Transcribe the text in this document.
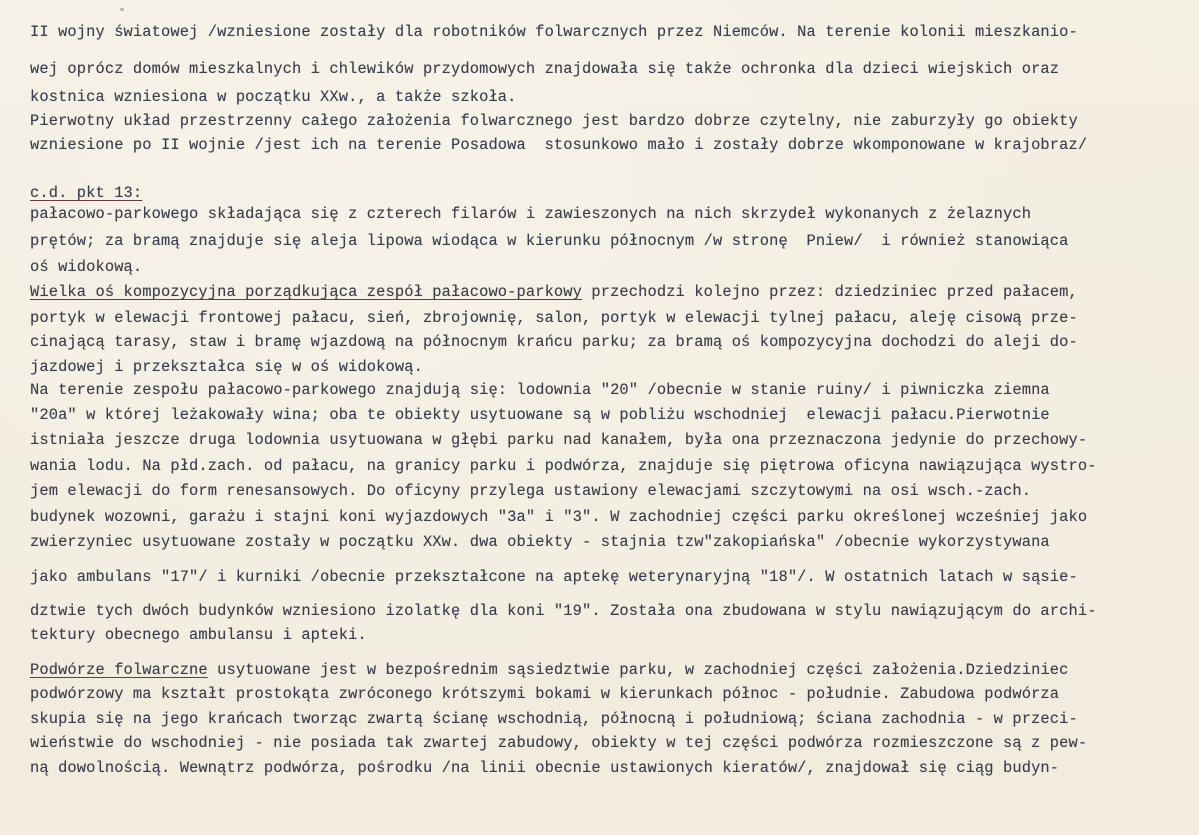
II wojny światowej /wzniesione zostały dla robotników folwarcznych przez Niemców. Na terenie kolonii mieszkanio-
wej oprócz domów mieszkalnych i chlewików przydomowych znajdowała się także ochronka dla dzieci wiejskich oraz
kostnica wzniesiona w początku XXw., a także szkoła.
Pierwotny układ przestrzenny całego założenia folwarcznego jest bardzo dobrze czytelny, nie zaburzyły go obiekty
wzniesione po II wojnie /jest ich na terenie Posadowa  stosunkowo mało i zostały dobrze wkomponowane w krajobraz/
c.d. pkt 13:
pałacowo-parkowego składająca się z czterech filarów i zawieszonych na nich skrzydeł wykonanych z żelaznych
prętów; za bramą znajduje się aleja lipowa wiodąca w kierunku północnym /w stronę  Pniew/  i również stanowiąca
oś widokową.
Wielka oś kompozycyjna porządkująca zespół pałacowo-parkowy przechodzi kolejno przez: dziedziniec przed pałacem,
portyk w elewacji frontowej pałacu, sień, zbrojownię, salon, portyk w elewacji tylnej pałacu, aleję cisową prze-
cinającą tarasy, staw i bramę wjazdową na północnym krańcu parku; za bramą oś kompozycyjna dochodzi do aleji do-
jazdowej i przekształca się w oś widokową.
Na terenie zespołu pałacowo-parkowego znajdują się: lodownia "20" /obecnie w stanie ruiny/ i piwniczka ziemna
"20a" w której leżakowały wina; oba te obiekty usytuowane są w pobliżu wschodniej  elewacji pałacu.Pierwotnie
istniała jeszcze druga lodownia usytuowana w głębi parku nad kanałem, była ona przeznaczona jedynie do przechowy-
wania lodu. Na płd.zach. od pałacu, na granicy parku i podwórza, znajduje się piętrowa oficyna nawiązująca wystro-
jem elewacji do form renesansowych. Do oficyny przylega ustawiony elewacjami szczytowymi na osi wsch.-zach.
budynek wozowni, garażu i stajni koni wyjazdowych "3a" i "3". W zachodniej części parku określonej wcześniej jako
zwierzyniec usytuowane zostały w początku XXw. dwa obiekty - stajnia tzw"zakopiańska" /obecnie wykorzystywana
jako ambulans "17"/ i kurniki /obecnie przekształcone na aptekę weterynaryjną "18"/. W ostatnich latach w sąsie-
dztwie tych dwóch budynków wzniesiono izolatkę dla koni "19". Została ona zbudowana w stylu nawiązującym do archi-
tektury obecnego ambulansu i apteki.
Podwórze folwarczne usytuowane jest w bezpośrednim sąsiedztwie parku, w zachodniej części założenia.Dziedziniec
podwórzowy ma kształt prostokąta zwróconego krótszymi bokami w kierunkach północ - południe. Zabudowa podwórza
skupia się na jego krańcach tworząc zwartą ścianę wschodnią, północną i południową; ściana zachodnia - w przeci-
wieństwie do wschodniej - nie posiada tak zwartej zabudowy, obiekty w tej części podwórza rozmieszczone są z pew-
ną dowolnością. Wewnątrz podwórza, pośrodku /na linii obecnie ustawionych kieratów/, znajdował się ciąg budyn-
